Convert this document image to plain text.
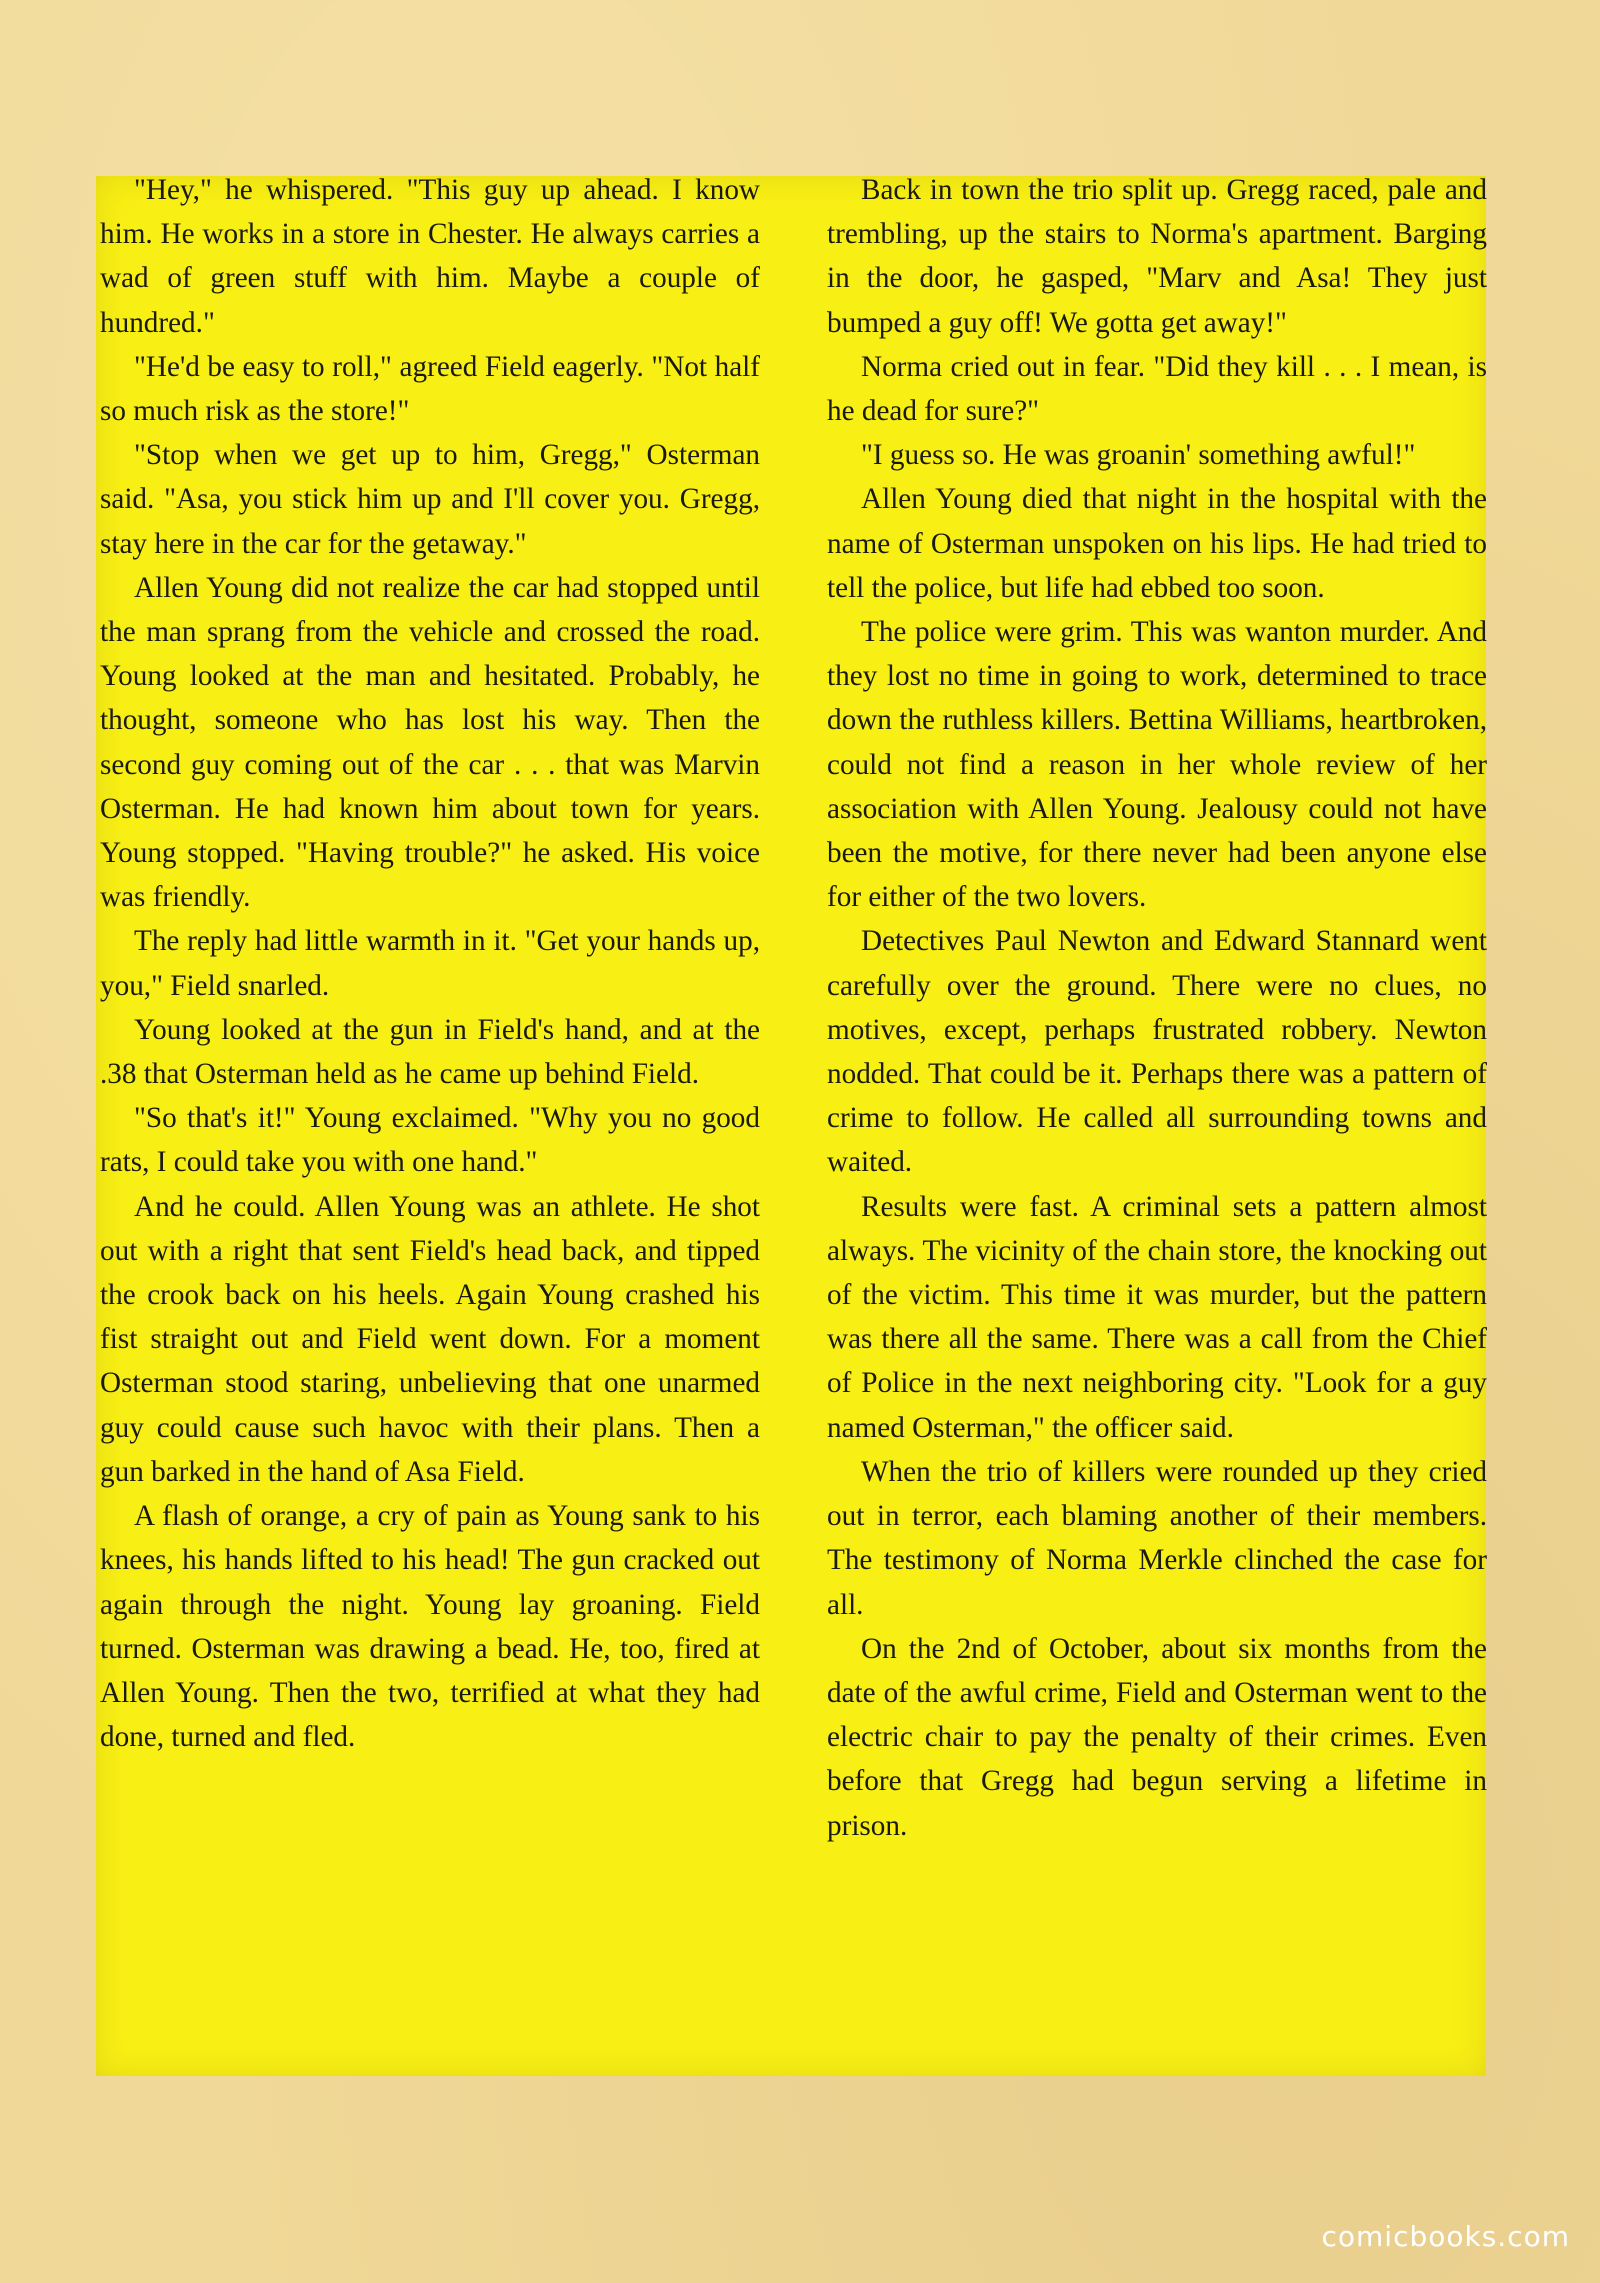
"Hey," he whispered. "This guy up ahead. I know him. He works in a store in Chester. He always carries a wad of green stuff with him. Maybe a couple of hundred."

"He'd be easy to roll," agreed Field eagerly. "Not half so much risk as the store!"

"Stop when we get up to him, Gregg," Osterman said. "Asa, you stick him up and I'll cover you. Gregg, stay here in the car for the getaway."

Allen Young did not realize the car had stopped until the man sprang from the vehicle and crossed the road. Young looked at the man and hesitated. Probably, he thought, someone who has lost his way. Then the second guy coming out of the car . . . that was Marvin Osterman. He had known him about town for years. Young stopped. "Having trouble?" he asked. His voice was friendly.

The reply had little warmth in it. "Get your hands up, you," Field snarled.

Young looked at the gun in Field's hand, and at the .38 that Osterman held as he came up behind Field.

"So that's it!" Young exclaimed. "Why you no good rats, I could take you with one hand."

And he could. Allen Young was an athlete. He shot out with a right that sent Field's head back, and tipped the crook back on his heels. Again Young crashed his fist straight out and Field went down. For a moment Osterman stood staring, unbelieving that one unarmed guy could cause such havoc with their plans. Then a gun barked in the hand of Asa Field.

A flash of orange, a cry of pain as Young sank to his knees, his hands lifted to his head! The gun cracked out again through the night. Young lay groaning. Field turned. Osterman was drawing a bead. He, too, fired at Allen Young. Then the two, terrified at what they had done, turned and fled.

Back in town the trio split up. Gregg raced, pale and trembling, up the stairs to Norma's apartment. Barging in the door, he gasped, "Marv and Asa! They just bumped a guy off! We gotta get away!"

Norma cried out in fear. "Did they kill . . . I mean, is he dead for sure?"

"I guess so. He was groanin' something awful!"

Allen Young died that night in the hospital with the name of Osterman unspoken on his lips. He had tried to tell the police, but life had ebbed too soon.

The police were grim. This was wanton murder. And they lost no time in going to work, determined to trace down the ruthless killers. Bettina Williams, heartbroken, could not find a reason in her whole review of her association with Allen Young. Jealousy could not have been the motive, for there never had been anyone else for either of the two lovers.

Detectives Paul Newton and Edward Stannard went carefully over the ground. There were no clues, no motives, except, perhaps frustrated robbery. Newton nodded. That could be it. Perhaps there was a pattern of crime to follow. He called all surrounding towns and waited.

Results were fast. A criminal sets a pattern almost always. The vicinity of the chain store, the knocking out of the victim. This time it was murder, but the pattern was there all the same. There was a call from the Chief of Police in the next neighboring city. "Look for a guy named Osterman," the officer said.

When the trio of killers were rounded up they cried out in terror, each blaming another of their members. The testimony of Norma Merkle clinched the case for all.

On the 2nd of October, about six months from the date of the awful crime, Field and Osterman went to the electric chair to pay the penalty of their crimes. Even before that Gregg had begun serving a lifetime in prison.

comicbooks.com
